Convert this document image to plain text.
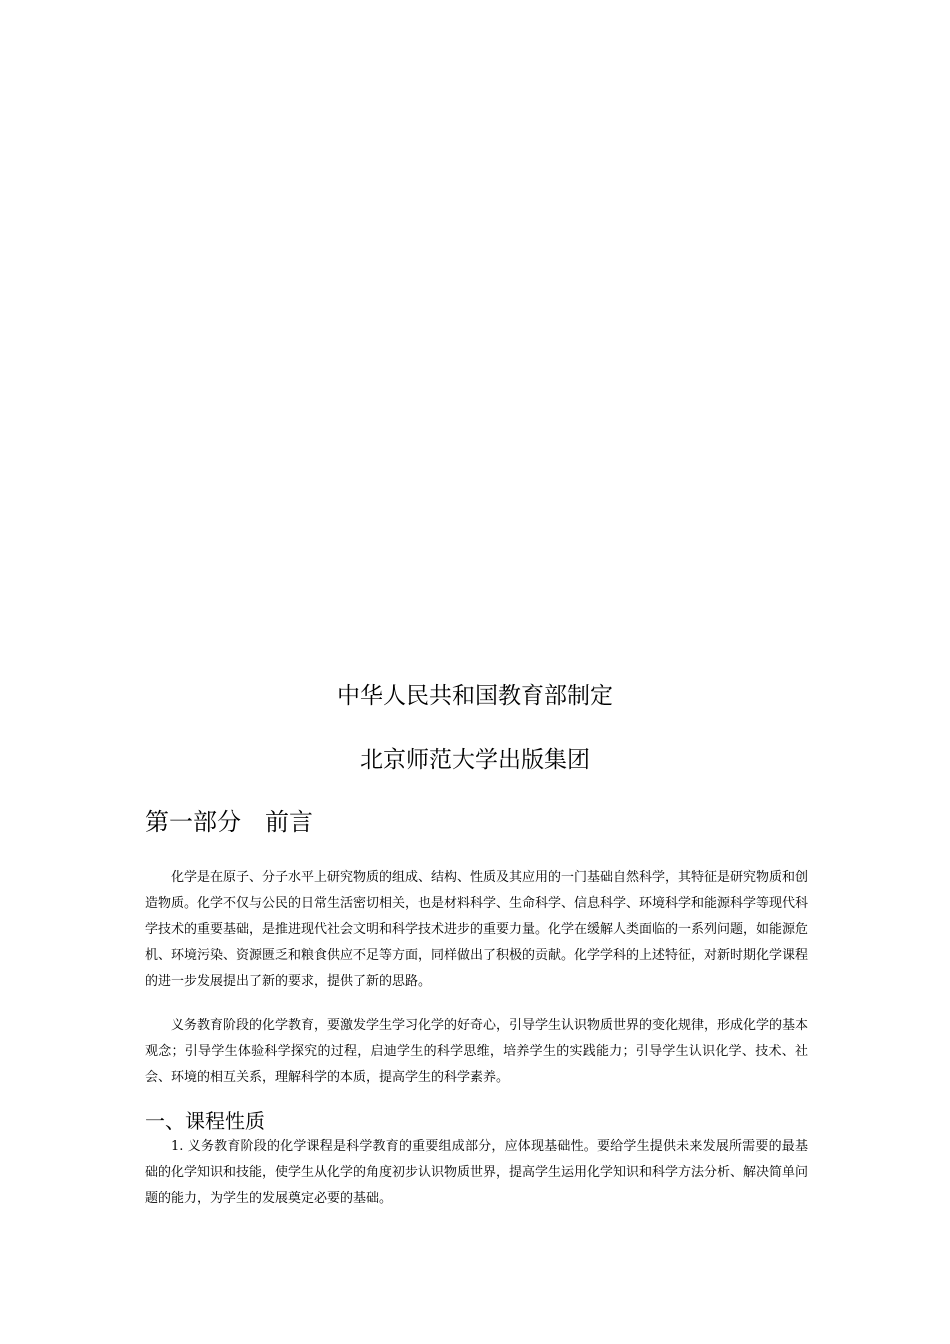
中华人民共和国教育部制定
北京师范大学出版集团
第一部分　前言

化学是在原子、分子水平上研究物质的组成、结构、性质及其应用的一门基础自然科学，其特征是研究物质和创造物质。化学不仅与公民的日常生活密切相关，也是材料科学、生命科学、信息科学、环境科学和能源科学等现代科学技术的重要基础，是推进现代社会文明和科学技术进步的重要力量。化学在缓解人类面临的一系列问题，如能源危机、环境污染、资源匮乏和粮食供应不足等方面，同样做出了积极的贡献。化学学科的上述特征，对新时期化学课程的进一步发展提出了新的要求，提供了新的思路。

义务教育阶段的化学教育，要激发学生学习化学的好奇心，引导学生认识物质世界的变化规律，形成化学的基本观念；引导学生体验科学探究的过程，启迪学生的科学思维，培养学生的实践能力；引导学生认识化学、技术、社会、环境的相互关系，理解科学的本质，提高学生的科学素养。

一、课程性质

1. 义务教育阶段的化学课程是科学教育的重要组成部分，应体现基础性。要给学生提供未来发展所需要的最基础的化学知识和技能，使学生从化学的角度初步认识物质世界，提高学生运用化学知识和科学方法分析、解决简单问题的能力，为学生的发展奠定必要的基础。
